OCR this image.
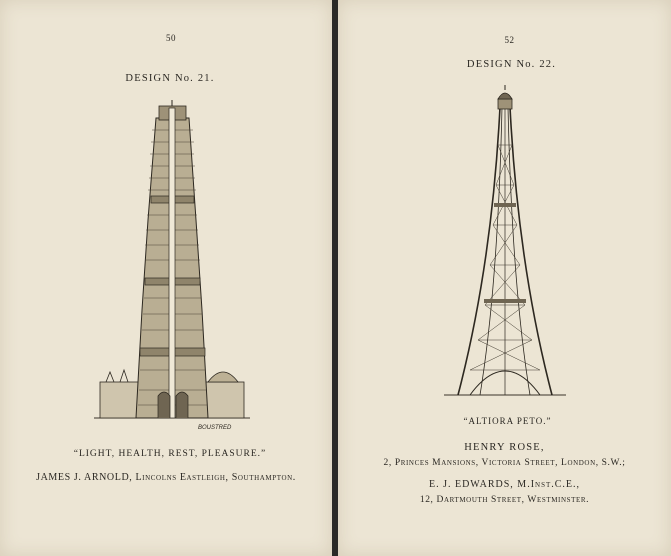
50
DESIGN No. 21.
BOUSTRED
“LIGHT, HEALTH, REST, PLEASURE.”
JAMES J. ARNOLD, Lincolns Eastleigh, Southampton.
52
DESIGN No. 22.
“ALTIORA PETO.”
HENRY ROSE,
2, Princes Mansions, Victoria Street, London, S.W.;
E. J. EDWARDS, M.Inst.C.E.,
12, Dartmouth Street, Westminster.
